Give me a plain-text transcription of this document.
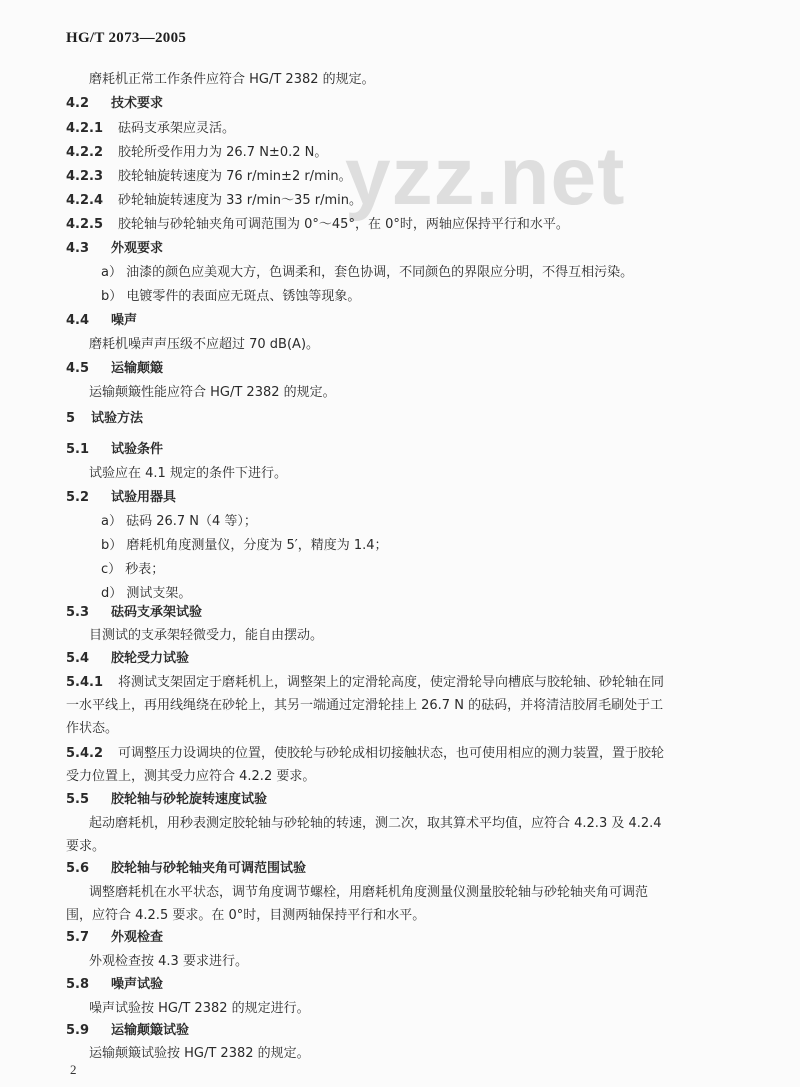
HG/T 2073—2005
yzz.net
磨耗机正常工作条件应符合 HG/T 2382 的规定。
4.2 技术要求
4.2.1 砝码支承架应灵活。
4.2.2 胶轮所受作用力为 26.7 N±0.2 N。
4.2.3 胶轮轴旋转速度为 76 r/min±2 r/min。
4.2.4 砂轮轴旋转速度为 33 r/min～35 r/min。
4.2.5 胶轮轴与砂轮轴夹角可调范围为 0°～45°，在 0°时，两轴应保持平行和水平。
4.3 外观要求
a） 油漆的颜色应美观大方，色调柔和，套色协调，不同颜色的界限应分明，不得互相污染。
b） 电镀零件的表面应无斑点、锈蚀等现象。
4.4 噪声
磨耗机噪声声压级不应超过 70 dB(A)。
4.5 运输颠簸
运输颠簸性能应符合 HG/T 2382 的规定。
5 试验方法
5.1 试验条件
试验应在 4.1 规定的条件下进行。
5.2 试验用器具
a） 砝码 26.7 N（4 等）；
b） 磨耗机角度测量仪，分度为 5′，精度为 1.4；
c） 秒表；
d） 测试支架。
5.3 砝码支承架试验
目测试的支承架轻微受力，能自由摆动。
5.4 胶轮受力试验
5.4.1 将测试支架固定于磨耗机上，调整架上的定滑轮高度，使定滑轮导向槽底与胶轮轴、砂轮轴在同
一水平线上，再用线绳绕在砂轮上，其另一端通过定滑轮挂上 26.7 N 的砝码，并将清洁胶屑毛刷处于工
作状态。
5.4.2 可调整压力设调块的位置，使胶轮与砂轮成相切接触状态，也可使用相应的测力装置，置于胶轮
受力位置上，测其受力应符合 4.2.2 要求。
5.5 胶轮轴与砂轮旋转速度试验
起动磨耗机，用秒表测定胶轮轴与砂轮轴的转速，测二次，取其算术平均值，应符合 4.2.3 及 4.2.4
要求。
5.6 胶轮轴与砂轮轴夹角可调范围试验
调整磨耗机在水平状态，调节角度调节螺栓，用磨耗机角度测量仪测量胶轮轴与砂轮轴夹角可调范
围，应符合 4.2.5 要求。在 0°时，目测两轴保持平行和水平。
5.7 外观检查
外观检查按 4.3 要求进行。
5.8 噪声试验
噪声试验按 HG/T 2382 的规定进行。
5.9 运输颠簸试验
运输颠簸试验按 HG/T 2382 的规定。
2
